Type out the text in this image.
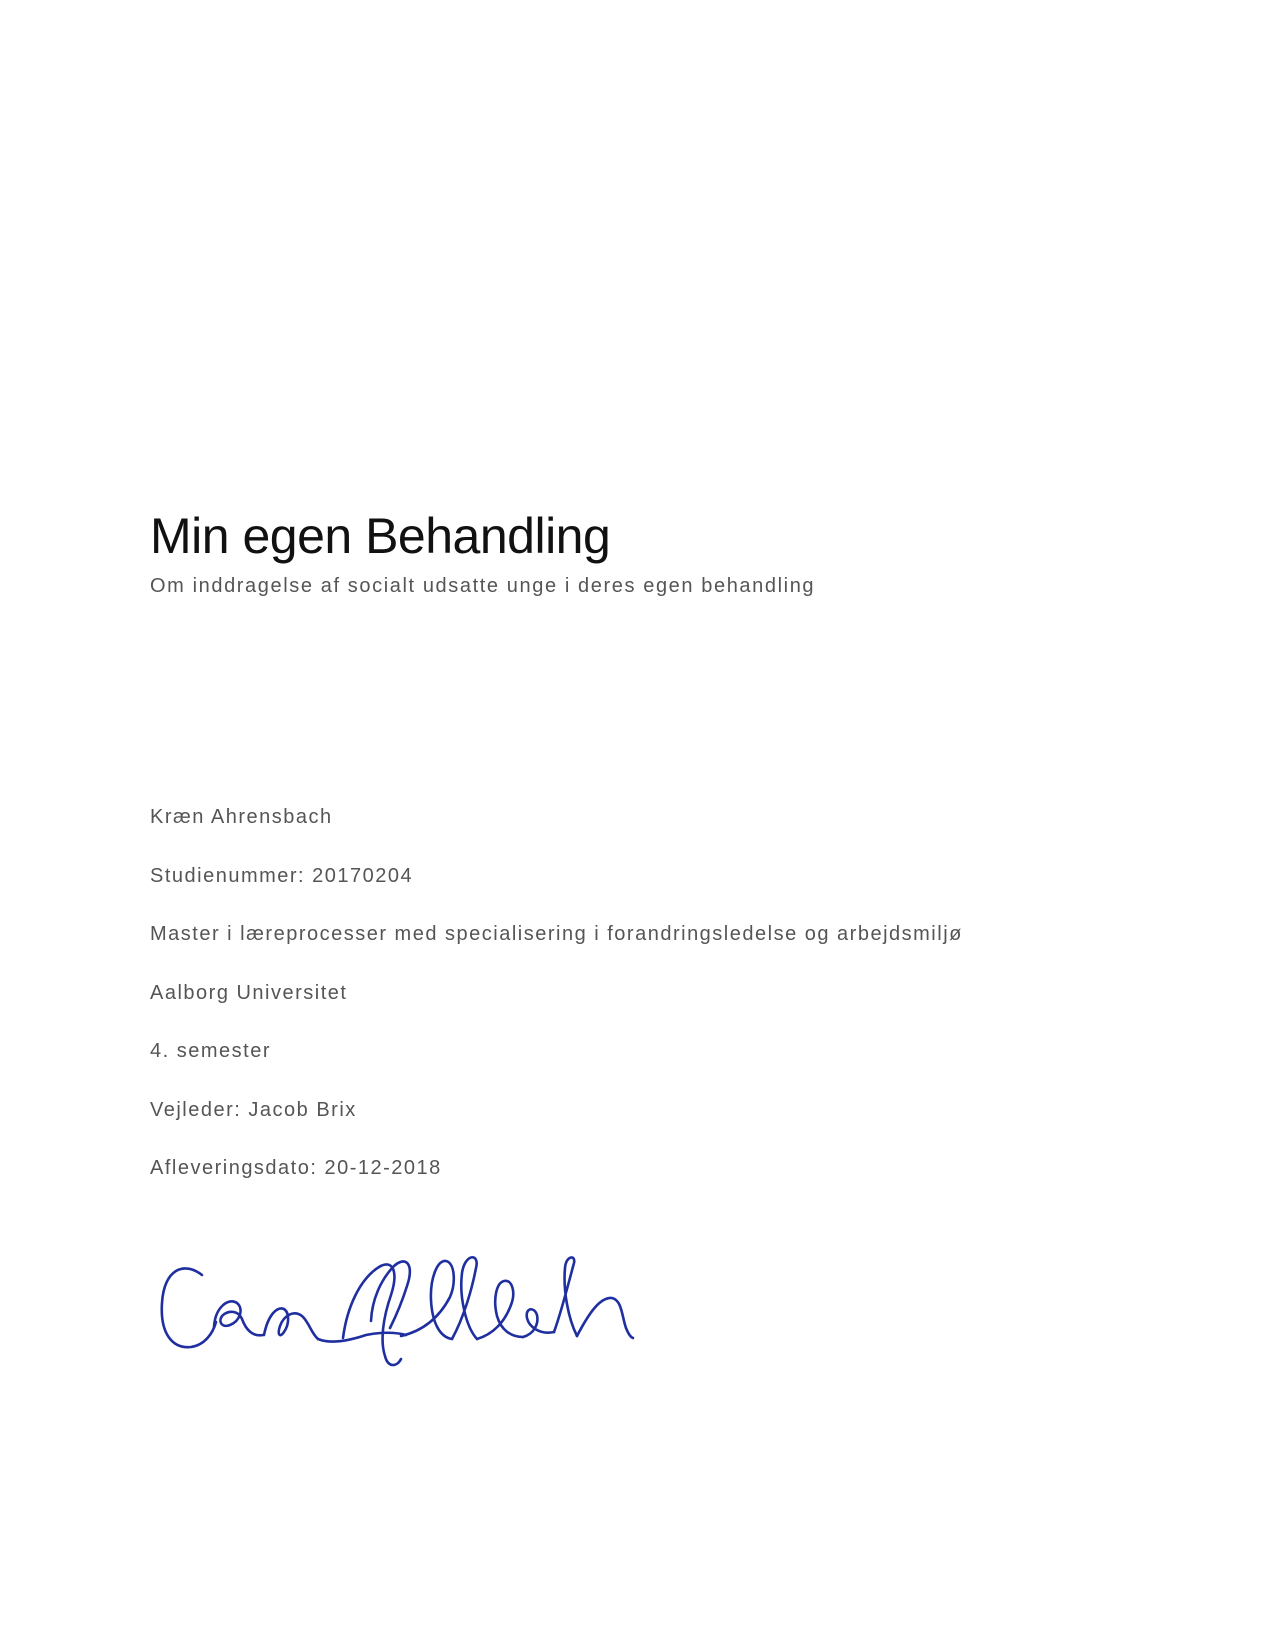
Min egen Behandling

Om inddragelse af socialt udsatte unge i deres egen behandling

Kræn Ahrensbach
Studienummer: 20170204
Master i læreprocesser med specialisering i forandringsledelse og arbejdsmiljø
Aalborg Universitet
4. semester
Vejleder: Jacob Brix
Afleveringsdato: 20-12-2018
